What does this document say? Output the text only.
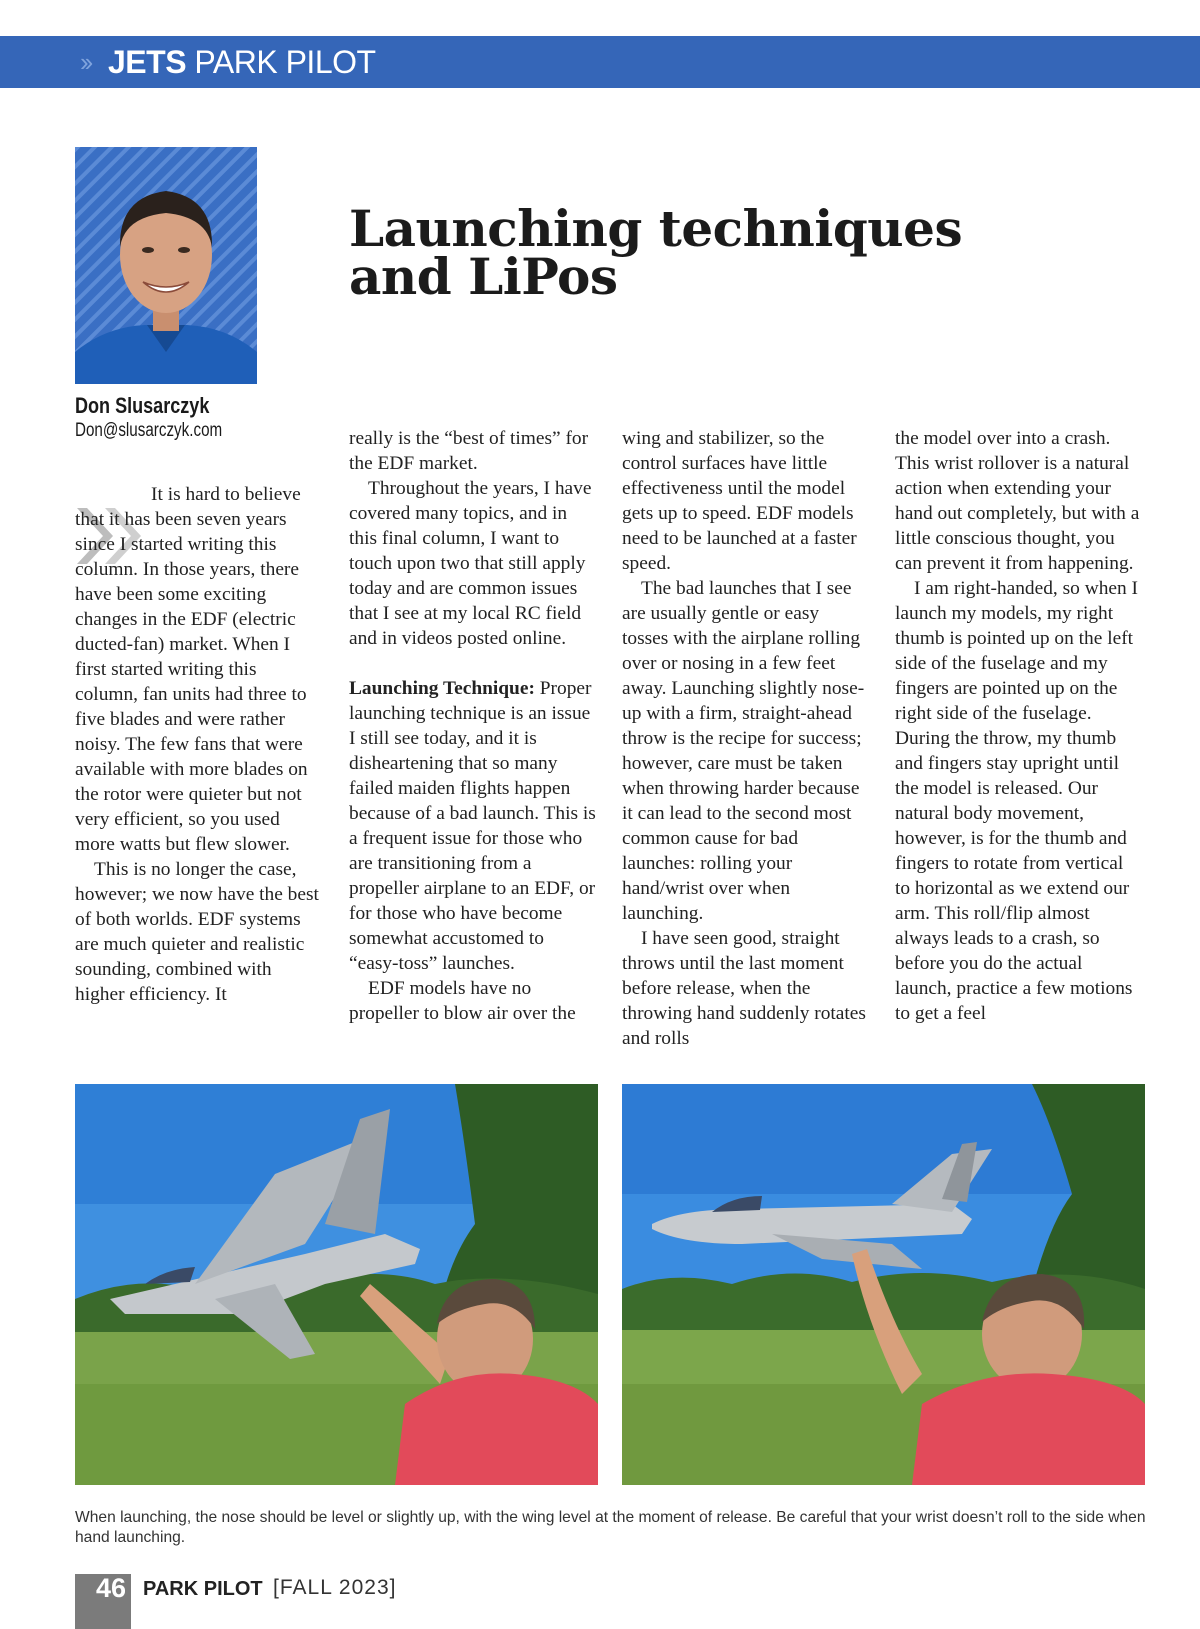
›› JETS PARK PILOT
Don Slusarczyk
Don@slusarczyk.com
Launching techniques
and LiPos

It is hard to believe that it has been seven years since I started writing this column. In those years, there have been some exciting changes in the EDF (electric ducted-fan) market. When I first started writing this column, fan units had three to five blades and were rather noisy. The few fans that were available with more blades on the rotor were quieter but not very efficient, so you used more watts but flew slower.

This is no longer the case, however; we now have the best of both worlds. EDF systems are much quieter and realistic sounding, combined with higher efficiency. It

really is the “best of times” for the EDF market.

Throughout the years, I have covered many topics, and in this final column, I want to touch upon two that still apply today and are common issues that I see at my local RC field and in videos posted online.

Launching Technique: Proper launching technique is an issue I still see today, and it is disheartening that so many failed maiden flights happen because of a bad launch. This is a frequent issue for those who are transitioning from a propeller airplane to an EDF, or for those who have become somewhat accustomed to “easy-toss” launches.

EDF models have no propeller to blow air over the

wing and stabilizer, so the control surfaces have little effectiveness until the model gets up to speed. EDF models need to be launched at a faster speed.

The bad launches that I see are usually gentle or easy tosses with the airplane rolling over or nosing in a few feet away. Launching slightly nose-up with a firm, straight-ahead throw is the recipe for success; however, care must be taken when throwing harder because it can lead to the second most common cause for bad launches: rolling your hand/wrist over when launching.

I have seen good, straight throws until the last moment before release, when the throwing hand suddenly rotates and rolls

the model over into a crash. This wrist rollover is a natural action when extending your hand out completely, but with a little conscious thought, you can prevent it from happening.

I am right-handed, so when I launch my models, my right thumb is pointed up on the left side of the fuselage and my fingers are pointed up on the right side of the fuselage. During the throw, my thumb and fingers stay upright until the model is released. Our natural body movement, however, is for the thumb and fingers to rotate from vertical to horizontal as we extend our arm. This roll/flip almost always leads to a crash, so before you do the actual launch, practice a few motions to get a feel

When launching, the nose should be level or slightly up, with the wing level at the moment of release. Be careful that your wrist doesn’t roll to the side when hand launching.

46 PARK PILOT [FALL 2023]
